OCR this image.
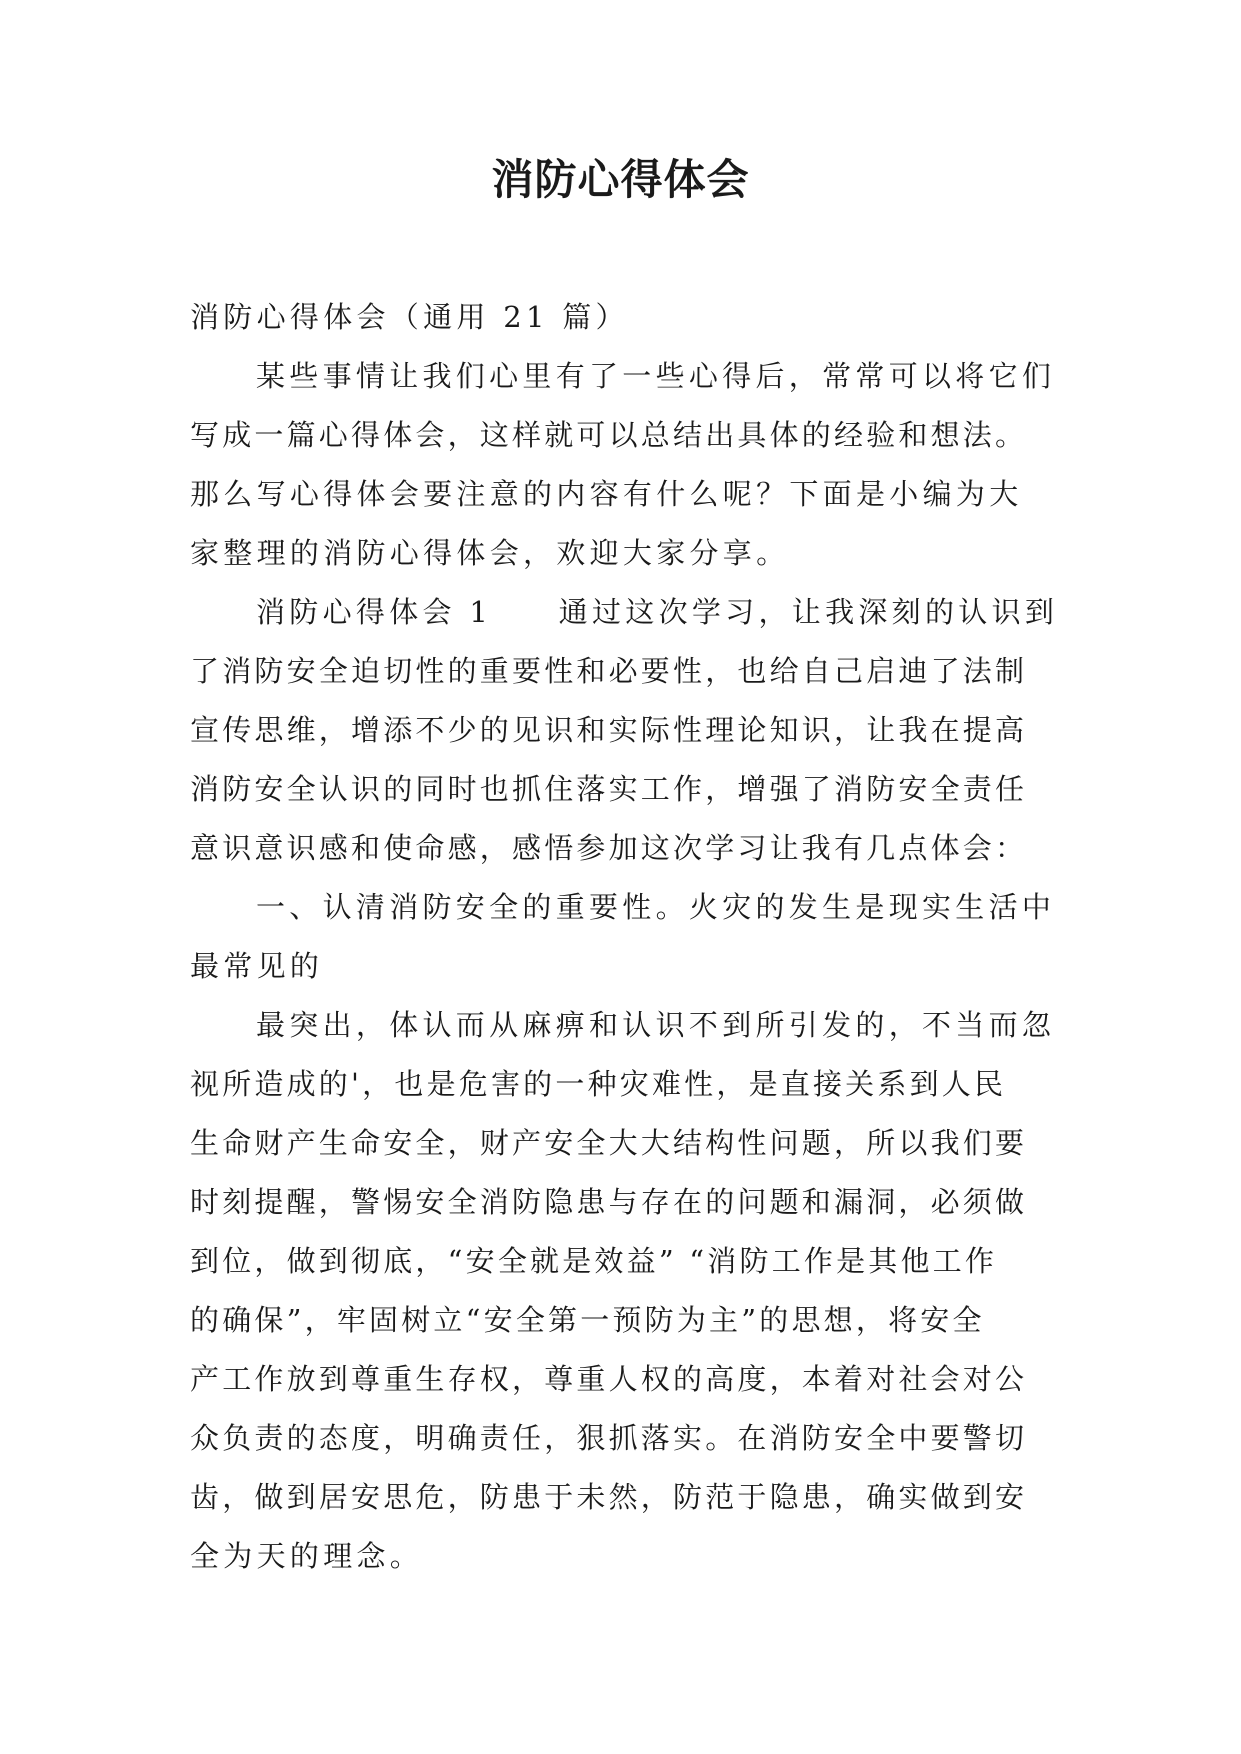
消防心得体会
消防心得体会（通用 21 篇）
某些事情让我们心里有了一些心得后，常常可以将它们
写成一篇心得体会，这样就可以总结出具体的经验和想法。
那么写心得体会要注意的内容有什么呢？下面是小编为大
家整理的消防心得体会，欢迎大家分享。
消防心得体会 1　　通过这次学习，让我深刻的认识到
了消防安全迫切性的重要性和必要性，也给自己启迪了法制
宣传思维，增添不少的见识和实际性理论知识，让我在提高
消防安全认识的同时也抓住落实工作，增强了消防安全责任
意识意识感和使命感，感悟参加这次学习让我有几点体会：
一、认清消防安全的重要性。火灾的发生是现实生活中
最常见的
最突出，体认而从麻痹和认识不到所引发的，不当而忽
视所造成的'，也是危害的一种灾难性，是直接关系到人民
生命财产生命安全，财产安全大大结构性问题，所以我们要
时刻提醒，警惕安全消防隐患与存在的问题和漏洞，必须做
到位，做到彻底，“安全就是效益” “消防工作是其他工作
的确保”，牢固树立“安全第一预防为主”的思想，将安全
产工作放到尊重生存权，尊重人权的高度，本着对社会对公
众负责的态度，明确责任，狠抓落实。在消防安全中要警切
齿，做到居安思危，防患于未然，防范于隐患，确实做到安
全为天的理念。
